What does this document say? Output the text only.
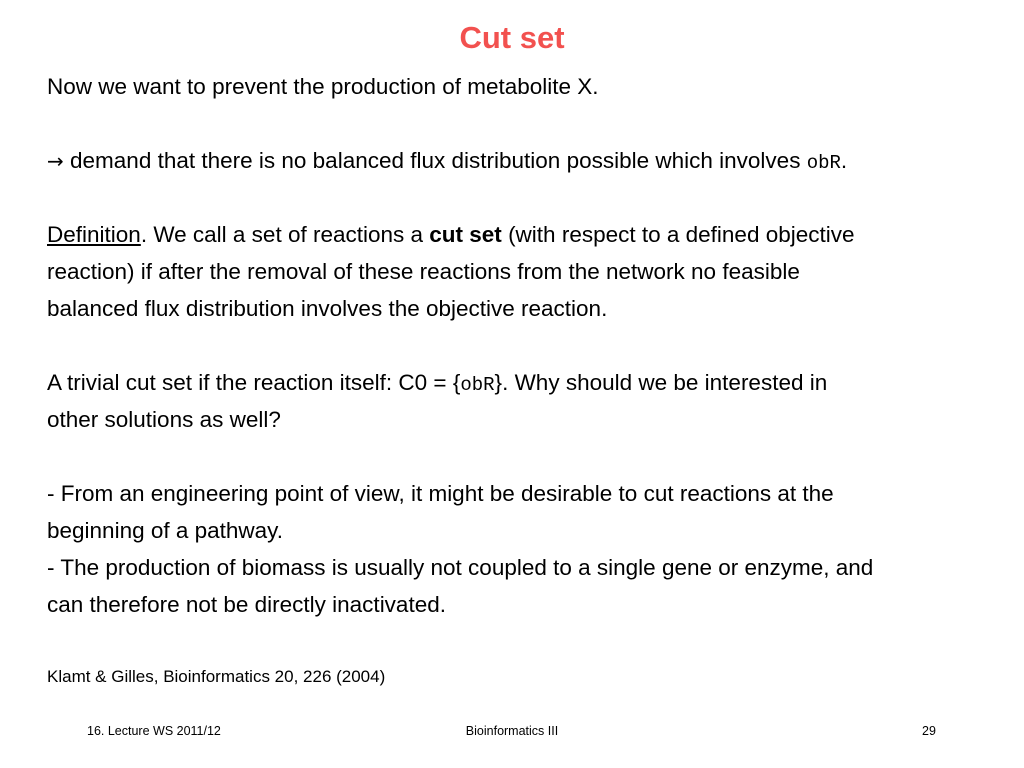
Cut set
Now we want to prevent the production of metabolite X.
→ demand that there is no balanced flux distribution possible which involves obR.
Definition. We call a set of reactions a cut set (with respect to a defined objective
reaction) if after the removal of these reactions from the network no feasible
balanced flux distribution involves the objective reaction.
A trivial cut set if the reaction itself: C0 = {obR}. Why should we be interested in
other solutions as well?
- From an engineering point of view, it might be desirable to cut reactions at the
beginning of a pathway.
- The production of biomass is usually not coupled to a single gene or enzyme, and
can therefore not be directly inactivated.
Klamt & Gilles, Bioinformatics 20, 226 (2004)
16. Lecture WS 2011/12	Bioinformatics III	29
